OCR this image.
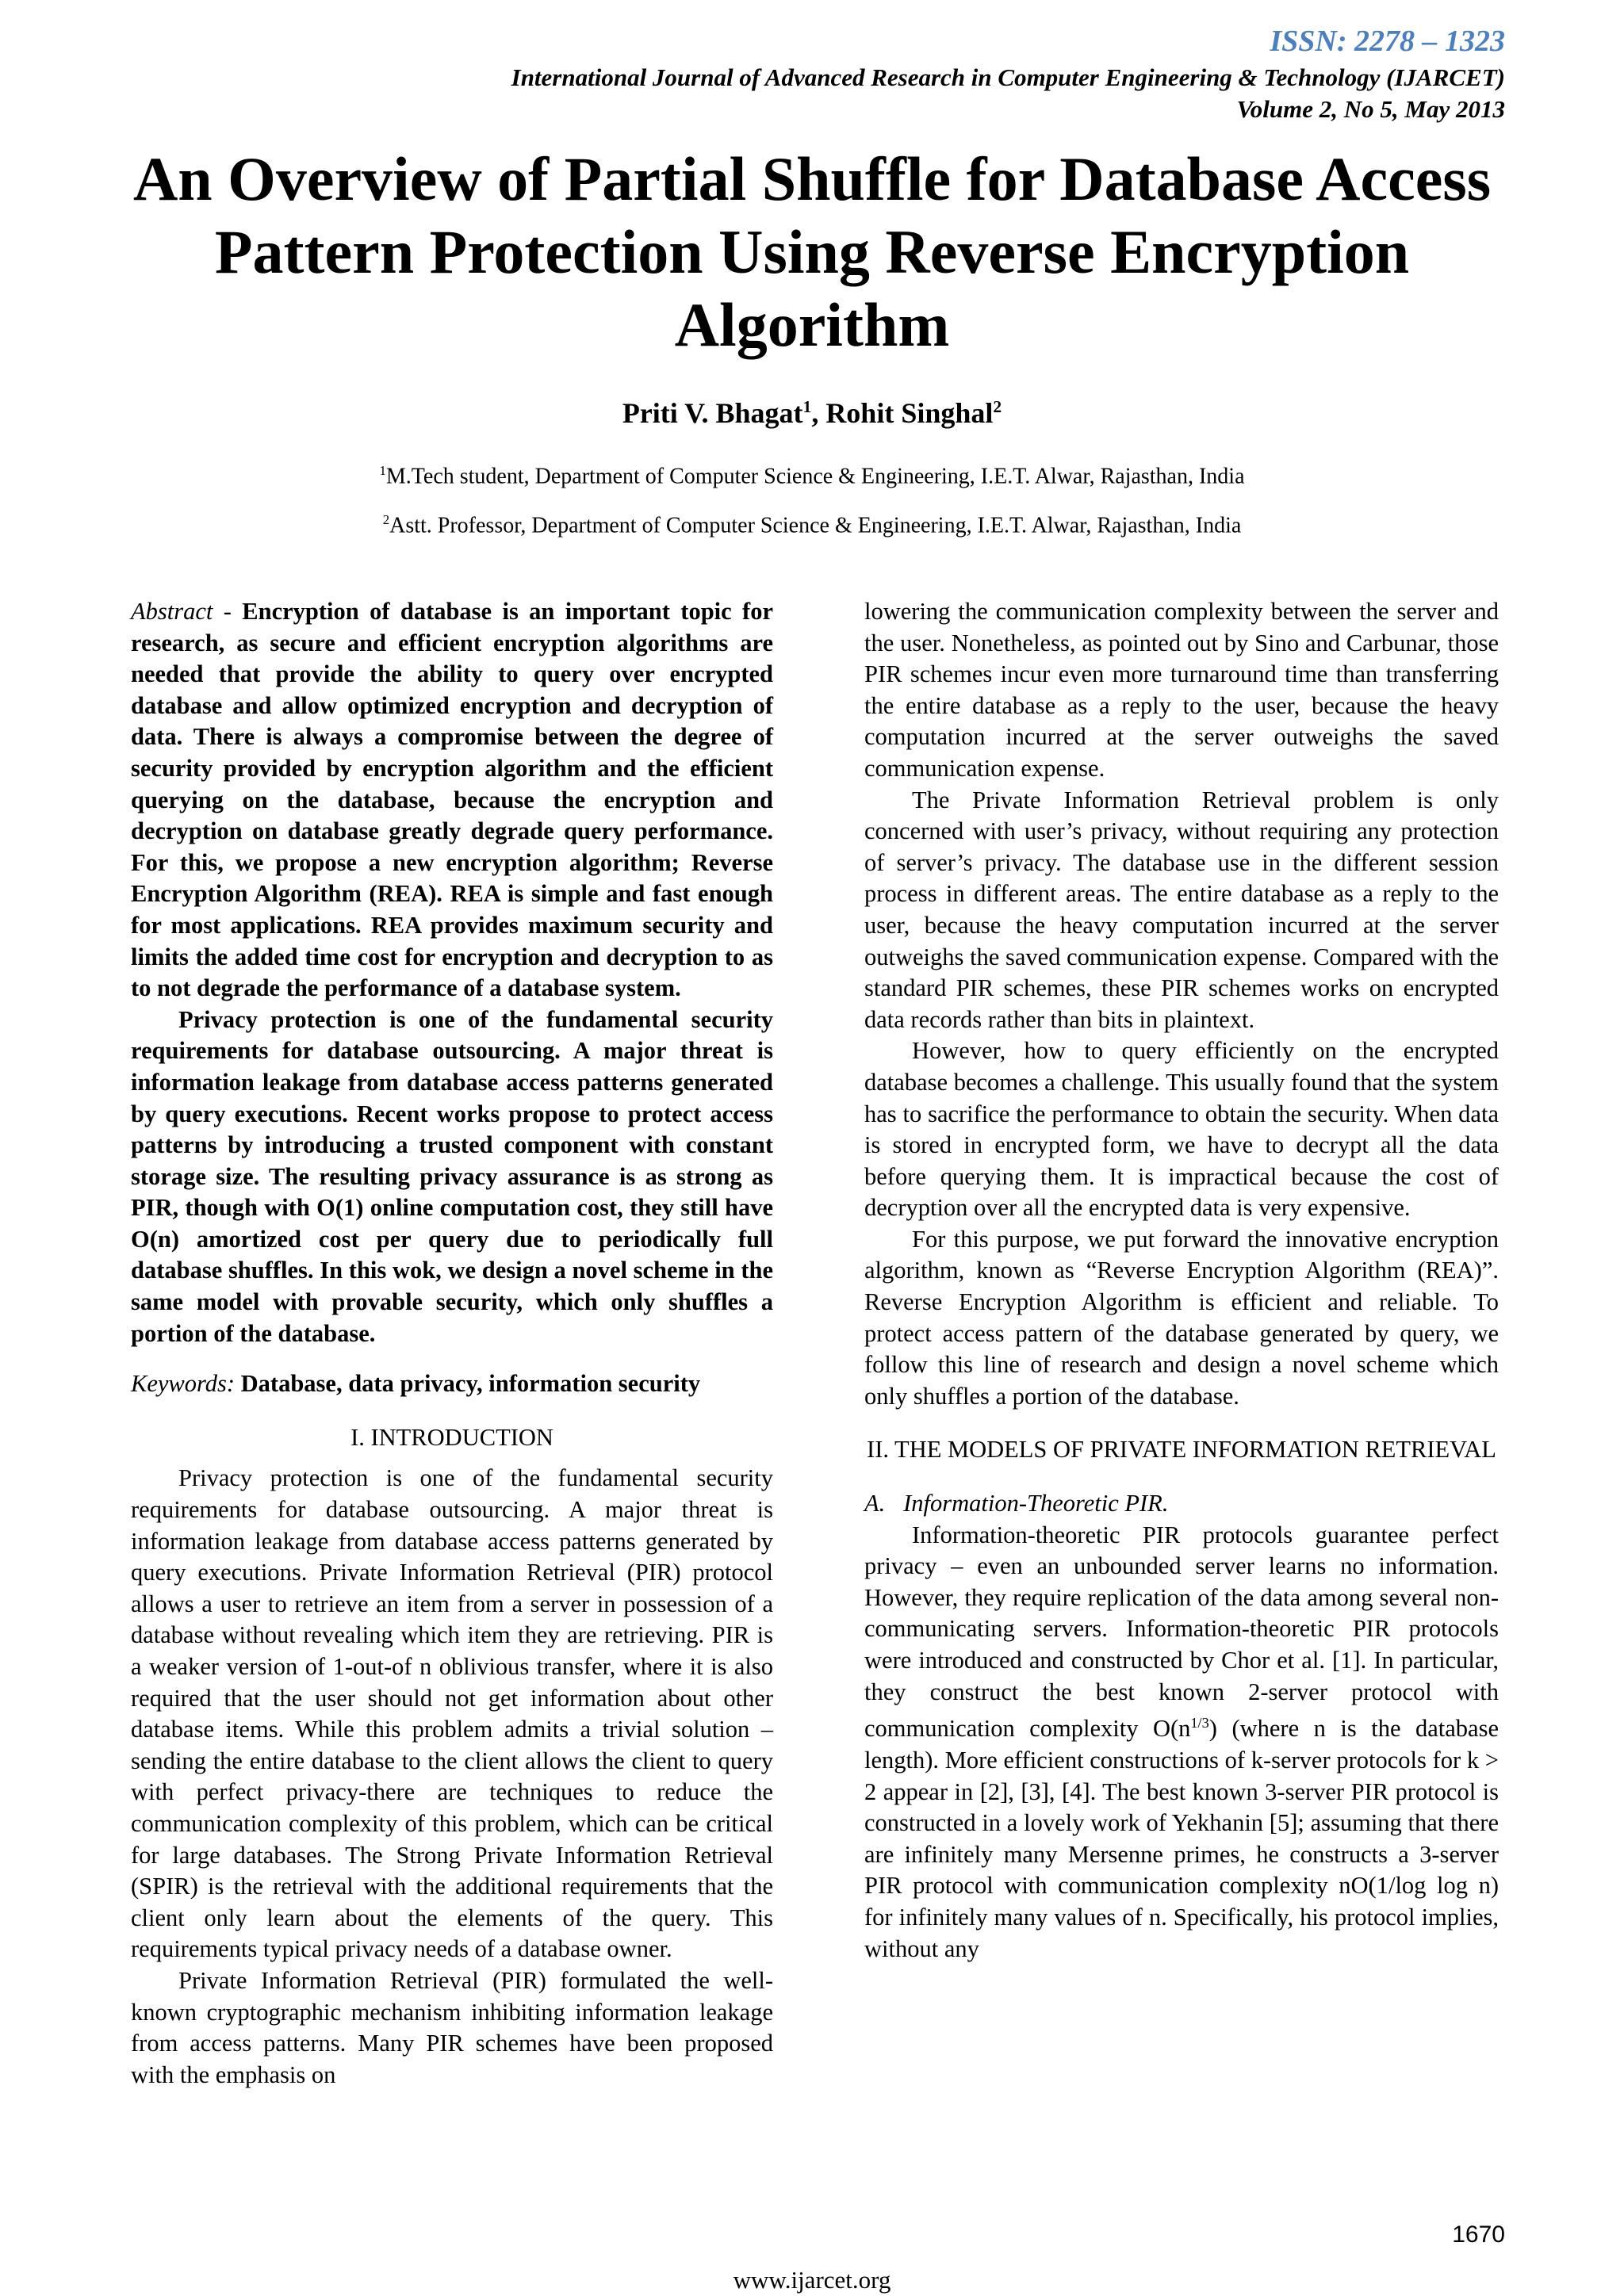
ISSN: 2278 – 1323
International Journal of Advanced Research in Computer Engineering & Technology (IJARCET)
Volume 2, No 5, May 2013
An Overview of Partial Shuffle for Database Access Pattern Protection Using Reverse Encryption Algorithm
Priti V. Bhagat$^1$, Rohit Singhal$^2$
$^1$M.Tech student, Department of Computer Science & Engineering, I.E.T. Alwar, Rajasthan, India
$^2$Astt. Professor, Department of Computer Science & Engineering, I.E.T. Alwar, Rajasthan, India

Abstract - Encryption of database is an important topic for research, as secure and efficient encryption algorithms are needed that provide the ability to query over encrypted database and allow optimized encryption and decryption of data. There is always a compromise between the degree of security provided by encryption algorithm and the efficient querying on the database, because the encryption and decryption on database greatly degrade query performance. For this, we propose a new encryption algorithm; Reverse Encryption Algorithm (REA). REA is simple and fast enough for most applications. REA provides maximum security and limits the added time cost for encryption and decryption to as to not degrade the performance of a database system.

Privacy protection is one of the fundamental security requirements for database outsourcing. A major threat is information leakage from database access patterns generated by query executions. Recent works propose to protect access patterns by introducing a trusted component with constant storage size. The resulting privacy assurance is as strong as PIR, though with O(1) online computation cost, they still have O(n) amortized cost per query due to periodically full database shuffles. In this wok, we design a novel scheme in the same model with provable security, which only shuffles a portion of the database.

Keywords: Database, data privacy, information security

I. INTRODUCTION

Privacy protection is one of the fundamental security requirements for database outsourcing. A major threat is information leakage from database access patterns generated by query executions. Private Information Retrieval (PIR) protocol allows a user to retrieve an item from a server in possession of a database without revealing which item they are retrieving. PIR is a weaker version of 1-out-of n oblivious transfer, where it is also required that the user should not get information about other database items. While this problem admits a trivial solution – sending the entire database to the client allows the client to query with perfect privacy-there are techniques to reduce the communication complexity of this problem, which can be critical for large databases. The Strong Private Information Retrieval (SPIR) is the retrieval with the additional requirements that the client only learn about the elements of the query. This requirements typical privacy needs of a database owner.

Private Information Retrieval (PIR) formulated the well-known cryptographic mechanism inhibiting information leakage from access patterns. Many PIR schemes have been proposed with the emphasis on

lowering the communication complexity between the server and the user. Nonetheless, as pointed out by Sino and Carbunar, those PIR schemes incur even more turnaround time than transferring the entire database as a reply to the user, because the heavy computation incurred at the server outweighs the saved communication expense.

The Private Information Retrieval problem is only concerned with user’s privacy, without requiring any protection of server’s privacy. The database use in the different session process in different areas. The entire database as a reply to the user, because the heavy computation incurred at the server outweighs the saved communication expense. Compared with the standard PIR schemes, these PIR schemes works on encrypted data records rather than bits in plaintext.

However, how to query efficiently on the encrypted database becomes a challenge. This usually found that the system has to sacrifice the performance to obtain the security. When data is stored in encrypted form, we have to decrypt all the data before querying them. It is impractical because the cost of decryption over all the encrypted data is very expensive.

For this purpose, we put forward the innovative encryption algorithm, known as “Reverse Encryption Algorithm (REA)”. Reverse Encryption Algorithm is efficient and reliable. To protect access pattern of the database generated by query, we follow this line of research and design a novel scheme which only shuffles a portion of the database.

II. THE MODELS OF PRIVATE INFORMATION RETRIEVAL

A.   Information-Theoretic PIR.

Information-theoretic PIR protocols guarantee perfect privacy – even an unbounded server learns no information. However, they require replication of the data among several non-communicating servers. Information-theoretic PIR protocols were introduced and constructed by Chor et al. [1]. In particular, they construct the best known 2-server protocol with communication complexity $O(n^{1/3})$ (where n is the database length). More efficient constructions of k-server protocols for k > 2 appear in [2], [3], [4]. The best known 3-server PIR protocol is constructed in a lovely work of Yekhanin [5]; assuming that there are infinitely many Mersenne primes, he constructs a 3-server PIR protocol with communication complexity nO(1/log log n) for infinitely many values of n. Specifically, his protocol implies, without any

1670
www.ijarcet.org
